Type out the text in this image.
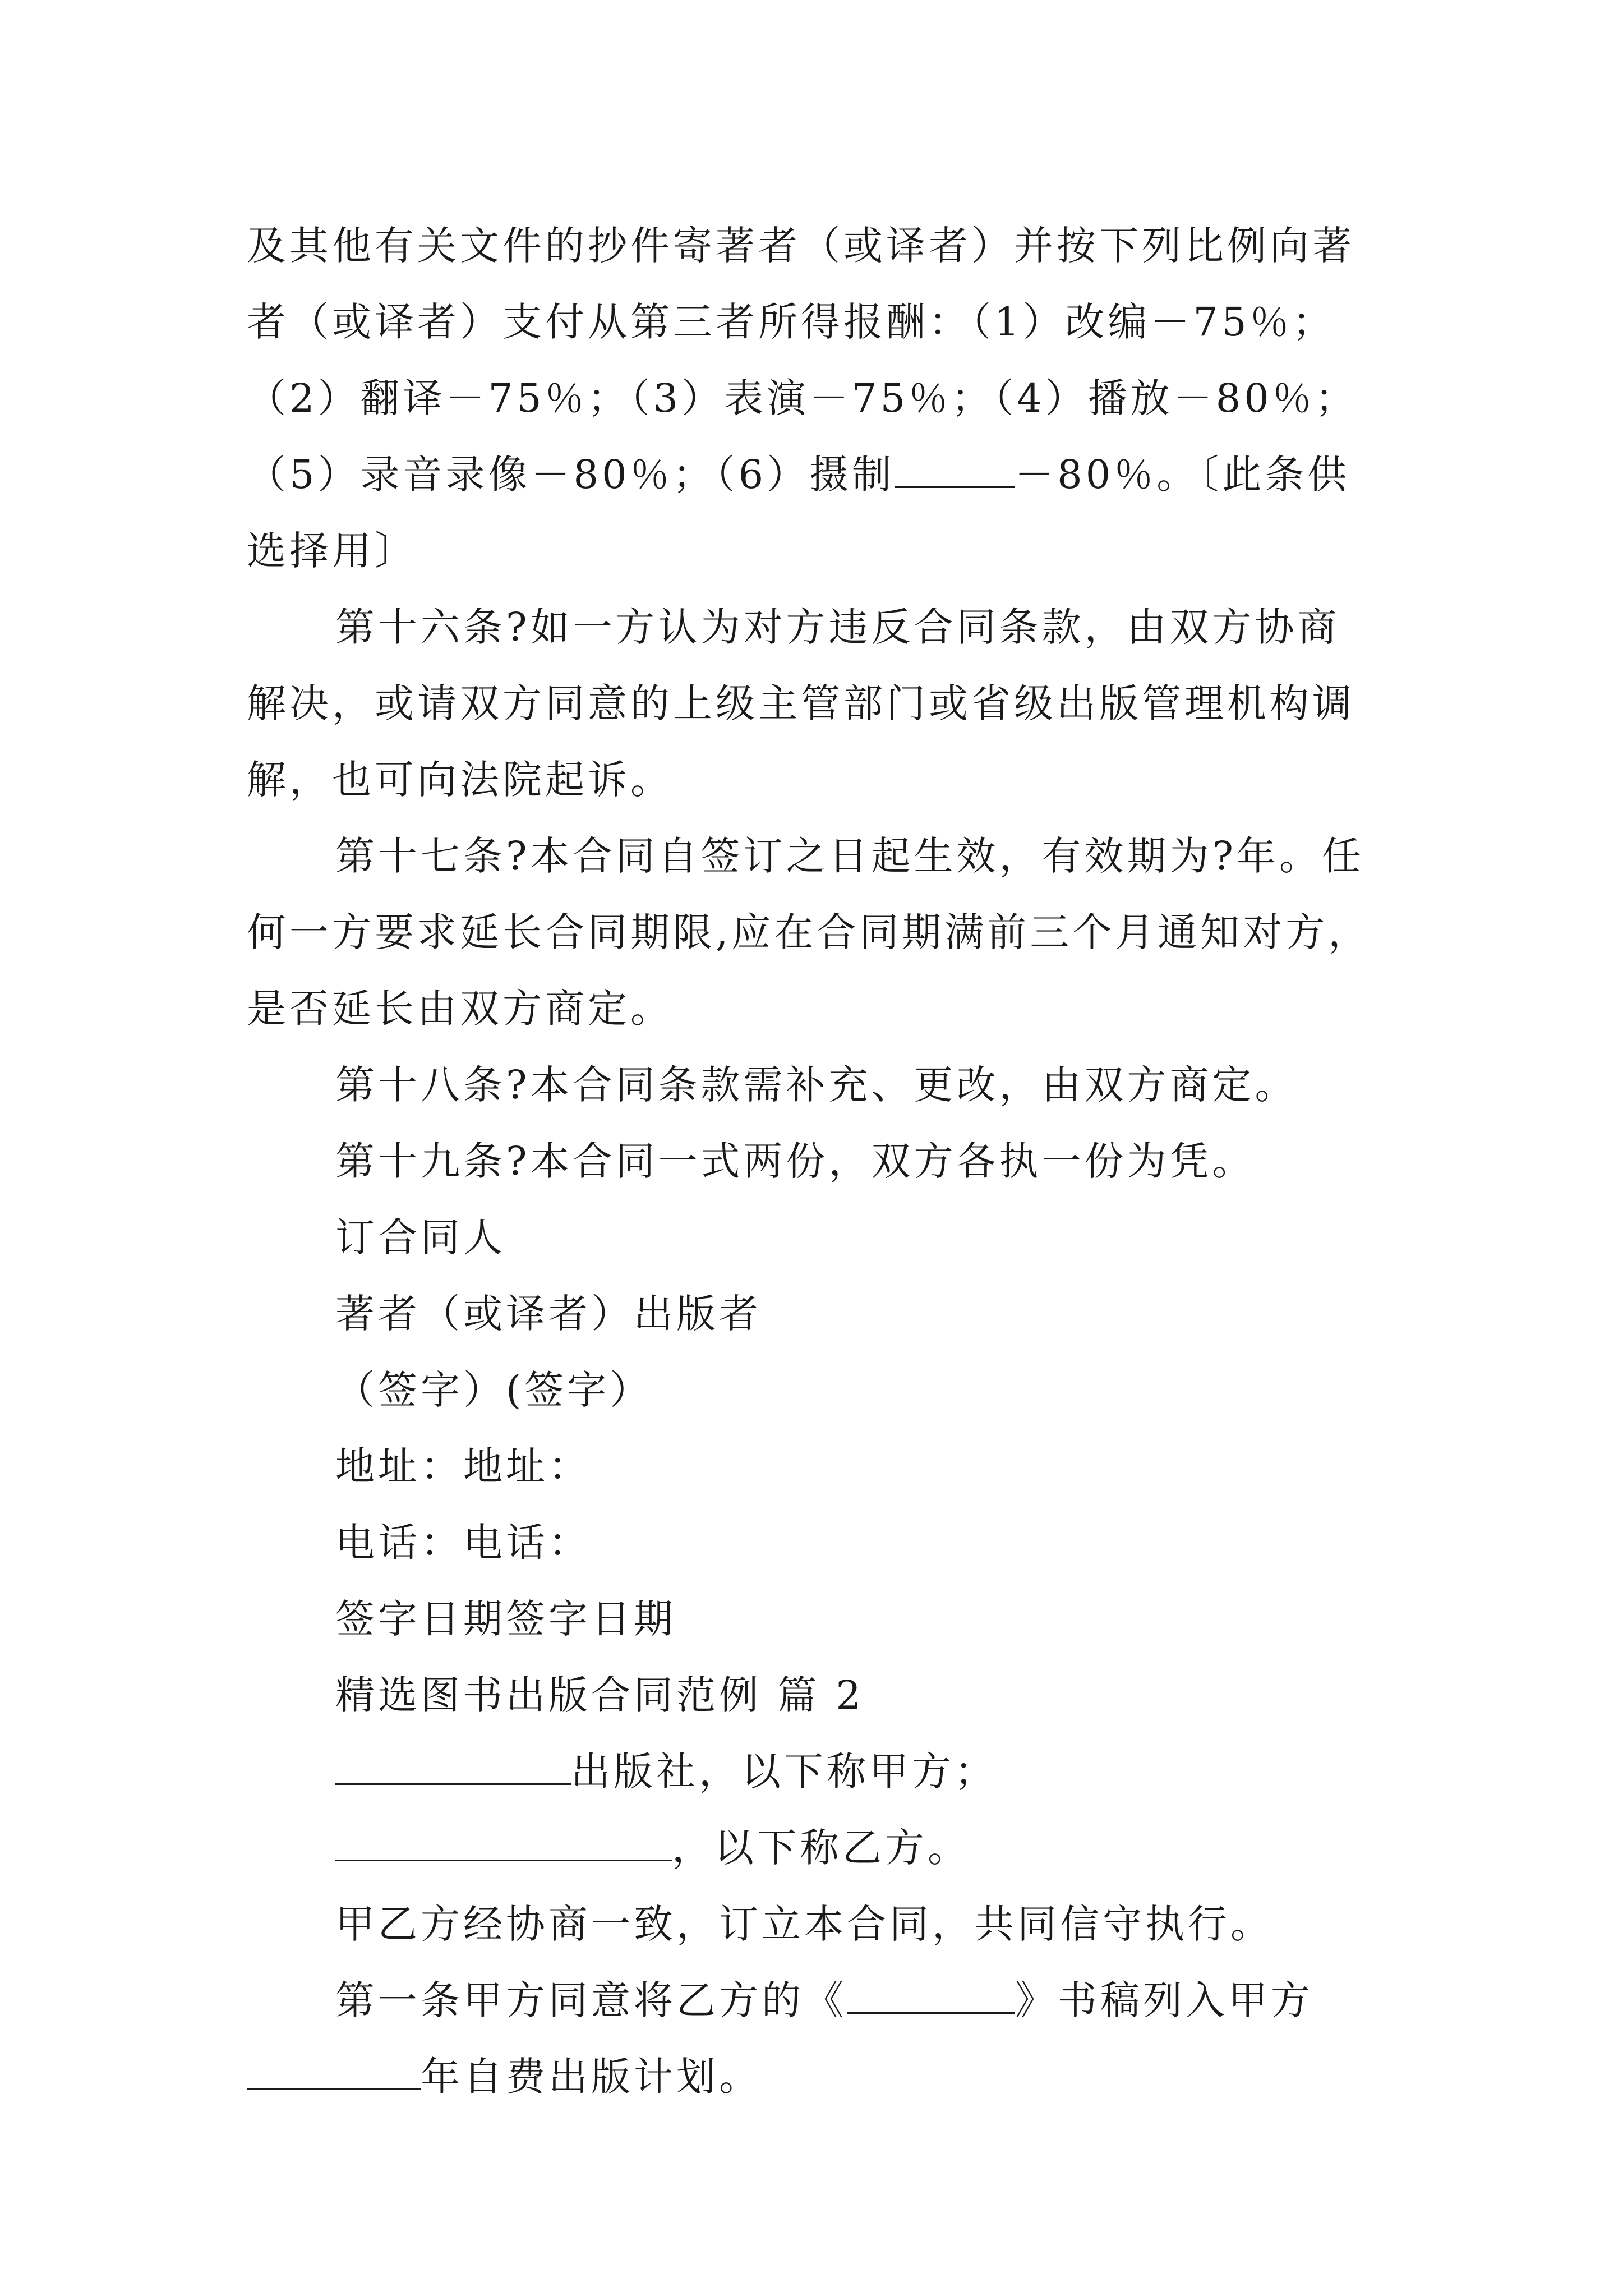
及其他有关文件的抄件寄著者（或译者）并按下列比例向著者（或译者）支付从第三者所得报酬：（1）改编－75％；（2）翻译－75％；（3）表演－75％；（4）播放－80％；（5）录音录像－80％；（6）摄制	－80％。〔此条供选择用〕

第十六条?如一方认为对方违反合同条款，由双方协商解决，或请双方同意的上级主管部门或省级出版管理机构调解，也可向法院起诉。

第十七条?本合同自签订之日起生效，有效期为?年。任何一方要求延长合同期限,应在合同期满前三个月通知对方，是否延长由双方商定。

第十八条?本合同条款需补充、更改，由双方商定。

第十九条?本合同一式两份，双方各执一份为凭。

订合同人

著者（或译者）出版者

（签字）(签字）

地址：地址：

电话：电话：

签字日期签字日期

精选图书出版合同范例 篇 2

出版社，以下称甲方；

，以下称乙方。

甲乙方经协商一致，订立本合同，共同信守执行。

第一条甲方同意将乙方的《	》书稿列入甲方

年自费出版计划。
